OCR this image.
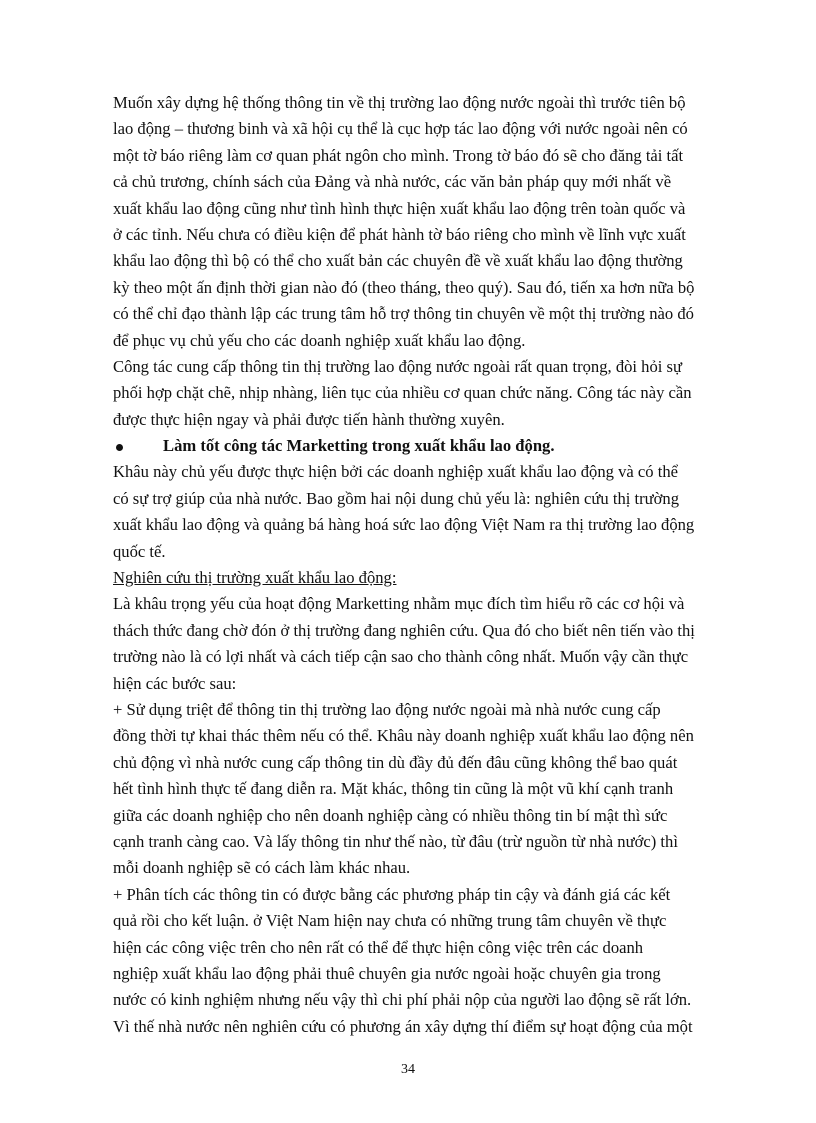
Muốn xây dựng hệ thống thông tin về thị trường lao động nước ngoài thì trước tiên bộ
lao động – thương binh và xã hội cụ thể là cục hợp tác lao động với nước ngoài nên có
một tờ báo riêng làm cơ quan phát ngôn cho mình. Trong tờ báo đó sẽ cho đăng tải tất
cả chủ trương, chính sách của Đảng và nhà nước, các văn bản pháp quy mới nhất về
xuất khẩu lao động cũng như tình hình thực hiện xuất khẩu lao động trên toàn quốc và
ở các tỉnh. Nếu chưa có điều kiện để phát hành tờ báo riêng cho mình về lĩnh vực xuất
khẩu lao động thì bộ có thể cho xuất bản các chuyên đề về xuất khẩu lao động thường
kỳ theo một ấn định thời gian nào đó (theo tháng, theo quý). Sau đó, tiến xa hơn nữa bộ
có thể chỉ đạo thành lập các trung tâm hỗ trợ thông tin chuyên về một thị trường nào đó
để phục vụ chủ yếu cho các doanh nghiệp xuất khẩu lao động.
Công tác cung cấp thông tin thị trường lao động nước ngoài rất quan trọng, đòi hỏi sự
phối hợp chặt chẽ, nhịp nhàng, liên tục của nhiều cơ quan chức năng. Công tác này cần
được thực hiện ngay và phải được tiến hành thường xuyên.
Làm tốt công tác Marketting trong xuất khẩu lao động.
Khâu này chủ yếu được thực hiện bởi các doanh nghiệp xuất khẩu lao động và có thể
có sự trợ giúp của nhà nước. Bao gồm hai nội dung chủ yếu là: nghiên cứu thị trường
xuất khẩu lao động và quảng bá hàng hoá sức lao động Việt Nam ra thị trường lao động
quốc tế.
Nghiên cứu thị trường xuất khẩu lao động:
Là khâu trọng yếu của hoạt động Marketting nhằm mục đích tìm hiểu rõ các cơ hội và
thách thức đang chờ đón ở thị trường đang nghiên cứu. Qua đó cho biết nên tiến vào thị
trường nào là có lợi nhất và cách tiếp cận sao cho thành công nhất. Muốn vậy cần thực
hiện các bước sau:
+ Sử dụng triệt để thông tin thị trường lao động nước ngoài mà nhà nước cung cấp
đồng thời tự khai thác thêm nếu có thể. Khâu này doanh nghiệp xuất khẩu lao động nên
chủ động vì nhà nước cung cấp thông tin dù đầy đủ đến đâu cũng không thể bao quát
hết tình hình thực tế đang diễn ra. Mặt khác, thông tin cũng là một vũ khí cạnh tranh
giữa các doanh nghiệp cho nên doanh nghiệp càng có nhiều thông tin bí mật thì sức
cạnh tranh càng cao. Và lấy thông tin như thế nào, từ đâu (trừ nguồn từ nhà nước) thì
mỗi doanh nghiệp sẽ có cách làm khác nhau.
+ Phân tích các thông tin có được bằng các phương pháp tin cậy và đánh giá các kết
quả rồi cho kết luận. ở Việt Nam hiện nay chưa có những trung tâm chuyên về thực
hiện các công việc trên cho nên rất có thể để thực hiện công việc trên các doanh
nghiệp xuất khẩu lao động phải thuê chuyên gia nước ngoài hoặc chuyên gia trong
nước có kinh nghiệm nhưng nếu vậy thì chi phí phải nộp của người lao động sẽ rất lớn.
Vì thế nhà nước nên nghiên cứu có phương án xây dựng thí điểm sự hoạt động của một
34
